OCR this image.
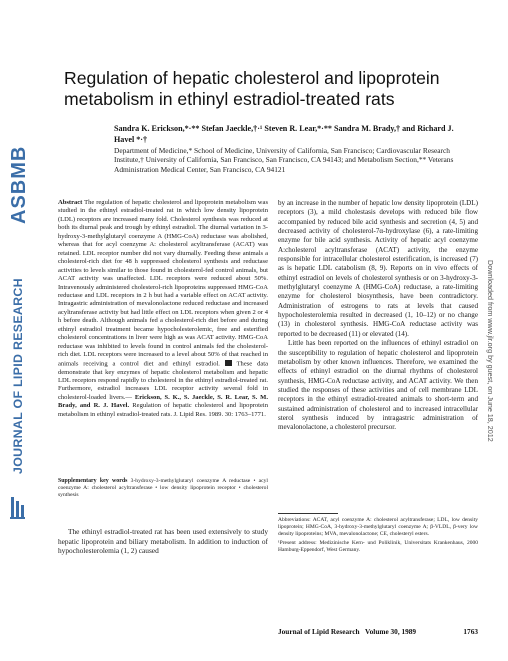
ASBMB
JOURNAL OF LIPID RESEARCH	Downloaded from www.jlr.org by guest, on June 18, 2012
Regulation of hepatic cholesterol and lipoprotein metabolism in ethinyl estradiol-treated rats
Sandra K. Erickson,*·** Stefan Jaeckle,†·¹ Steven R. Lear,*·** Sandra M. Brady,† and Richard J. Havel *·†
Department of Medicine,* School of Medicine, University of California, San Francisco; Cardiovascular Research Institute,† University of California, San Francisco, San Francisco, CA 94143; and Metabolism Section,** Veterans Administration Medical Center, San Francisco, CA 94121
Abstract The regulation of hepatic cholesterol and lipoprotein metabolism was studied in the ethinyl estradiol-treated rat in which low density lipoprotein (LDL) receptors are increased many fold. Cholesterol synthesis was reduced at both its diurnal peak and trough by ethinyl estradiol. The diurnal variation in 3-hydroxy-3-methylglutaryl coenzyme A (HMG-CoA) reductase was abolished, whereas that for acyl coenzyme A: cholesterol acyltransferase (ACAT) was retained. LDL receptor number did not vary diurnally. Feeding these animals a cholesterol-rich diet for 48 h suppressed cholesterol synthesis and reductase activities to levels similar to those found in cholesterol-fed control animals, but ACAT activity was unaffected. LDL receptors were reduced about 50%. Intravenously administered cholesterol-rich lipoproteins suppressed HMG-CoA reductase and LDL receptors in 2 h but had a variable effect on ACAT activity. Intragastric administration of mevalonolactone reduced reductase and increased acyltransferase activity but had little effect on LDL receptors when given 2 or 4 h before death. Although animals fed a cholesterol-rich diet before and during ethinyl estradiol treatment became hypocholesterolemic, free and esterified cholesterol concentrations in liver were high as was ACAT activity. HMG-CoA reductase was inhibited to levels found in control animals fed the cholesterol-rich diet. LDL receptors were increased to a level about 50% of that reached in animals receiving a control diet and ethinyl estradiol.	These data demonstrate that key enzymes of hepatic cholesterol metabolism and hepatic LDL receptors respond rapidly to cholesterol in the ethinyl estradiol-treated rat. Furthermore, estradiol increases LDL receptor activity several fold in cholesterol-loaded livers.— Erickson, S. K., S. Jaeckle, S. R. Lear, S. M. Brady, and R. J. Havel. Regulation of hepatic cholesterol and lipoprotein metabolism in ethinyl estradiol-treated rats. J. Lipid Res. 1989. 30: 1763–1771.
Supplementary key words 3-hydroxy-3-methylglutaryl coenzyme A reductase • acyl coenzyme A: cholesterol acyltransferase • low density lipoprotein receptor • cholesterol synthesis

The ethinyl estradiol-treated rat has been used extensively to study hepatic lipoprotein and biliary metabolism. In addition to induction of hypocholesterolemia (1, 2) caused

by an increase in the number of hepatic low density lipoprotein (LDL) receptors (3), a mild cholestasis develops with reduced bile flow accompanied by reduced bile acid synthesis and secretion (4, 5) and decreased activity of cholesterol-7α-hydroxylase (6), a rate-limiting enzyme for bile acid synthesis. Activity of hepatic acyl coenzyme A:cholesterol acyltransferase (ACAT) activity, the enzyme responsible for intracellular cholesterol esterification, is increased (7) as is hepatic LDL catabolism (8, 9). Reports on in vivo effects of ethinyl estradiol on levels of cholesterol synthesis or on 3-hydroxy-3-methylglutaryl coenzyme A (HMG-CoA) reductase, a rate-limiting enzyme for cholesterol biosynthesis, have been contradictory. Administration of estrogens to rats at levels that caused hypocholesterolemia resulted in decreased (1, 10–12) or no change (13) in cholesterol synthesis. HMG-CoA reductase activity was reported to be decreased (11) or elevated (14).

Little has been reported on the influences of ethinyl estradiol on the susceptibility to regulation of hepatic cholesterol and lipoprotein metabolism by other known influences. Therefore, we examined the effects of ethinyl estradiol on the diurnal rhythms of cholesterol synthesis, HMG-CoA reductase activity, and ACAT activity. We then studied the responses of these activities and of cell membrane LDL receptors in the ethinyl estradiol-treated animals to short-term and sustained administration of cholesterol and to increased intracellular sterol synthesis induced by intragastric administration of mevalonolactone, a cholesterol precursor.

Abbreviations: ACAT, acyl coenzyme A: cholesterol acyltransferase; LDL, low density lipoprotein; HMG-CoA, 3-hydroxy-3-methylglutaryl coenzyme A; β-VLDL, β-very low density lipoproteins; MVA, mevalonolactone; CE, cholesteryl esters.

¹Present address: Medizinische Kern- und Poliklinik, Universitats Krankenhaus, 2000 Hamburg-Eppendorf, West Germany.

Journal of Lipid Research Volume 30, 1989	1763
